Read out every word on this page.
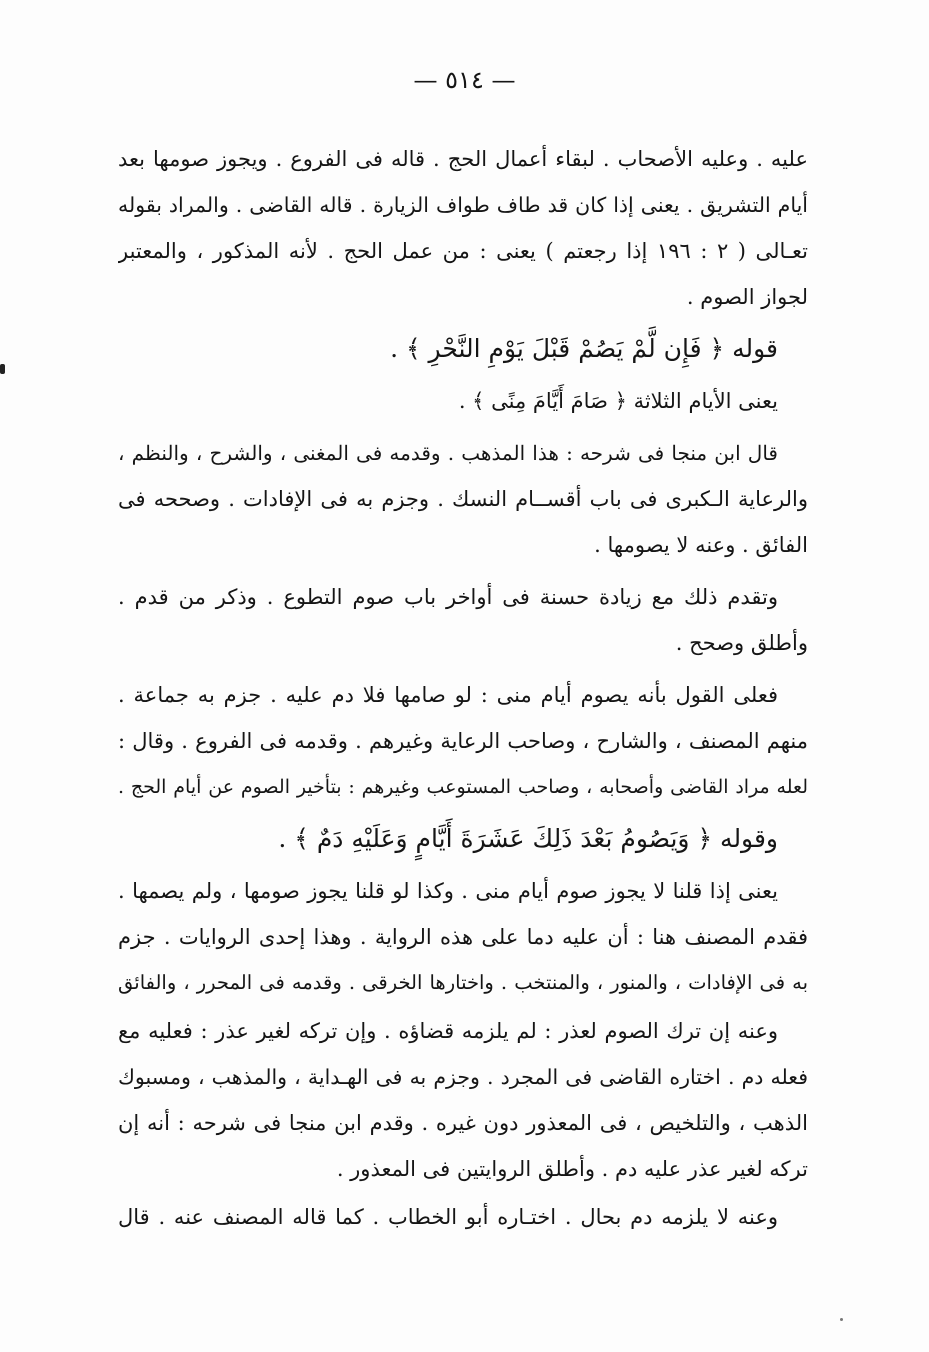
— ٥١٤ —
عليه . وعليه الأصحاب . لبقاء أعمال الحج . قاله فى الفروع . ويجوز صومها بعد
أيام التشريق . يعنى إذا كان قد طاف طواف الزيارة . قاله القاضى . والمراد بقوله
تعـالى ( ٢ : ١٩٦ إذا رجعتم ) يعنى : من عمل الحج . لأنه المذكور ، والمعتبر
لجواز الصوم .
قوله ﴿ فَإِن لَّمْ يَصُمْ قَبْلَ يَوْمِ النَّحْرِ ﴾ .
يعنى الأيام الثلاثة ﴿ صَامَ أَيَّامَ مِنًى ﴾ .
قال ابن منجا فى شرحه : هذا المذهب . وقدمه فى المغنى ، والشرح ، والنظم ،
والرعاية الـكبرى فى باب أقســام النسك . وجزم به فى الإفادات . وصححه فى
الفائق . وعنه لا يصومها .
وتقدم ذلك مع زيادة حسنة فى أواخر باب صوم التطوع . وذكر من قدم .
وأطلق وصحح .
فعلى القول بأنه يصوم أيام منى : لو صامها فلا دم عليه . جزم به جماعة .
منهم المصنف ، والشارح ، وصاحب الرعاية وغيرهم . وقدمه فى الفروع . وقال :
لعله مراد القاضى وأصحابه ، وصاحب المستوعب وغيرهم : بتأخير الصوم عن أيام الحج .
وقوله ﴿ وَيَصُومُ بَعْدَ ذَلِكَ عَشَرَةَ أَيَّامٍ وَعَلَيْهِ دَمٌ ﴾ .
يعنى إذا قلنا لا يجوز صوم أيام منى . وكذا لو قلنا يجوز صومها ، ولم يصمها .
فقدم المصنف هنا : أن عليه دما على هذه الرواية . وهذا إحدى الروايات . جزم
به فى الإفادات ، والمنور ، والمنتخب . واختارها الخرقى . وقدمه فى المحرر ، والفائق
وعنه إن ترك الصوم لعذر : لم يلزمه قضاؤه . وإن تركه لغير عذر : فعليه مع
فعله دم . اختاره القاضى فى المجرد . وجزم به فى الهـداية ، والمذهب ، ومسبوك
الذهب ، والتلخيص ، فى المعذور دون غيره . وقدم ابن منجا فى شرحه : أنه إن
تركه لغير عذر عليه دم . وأطلق الروايتين فى المعذور .
وعنه لا يلزمه دم بحال . اختـاره أبو الخطاب . كما قاله المصنف عنه . قال
